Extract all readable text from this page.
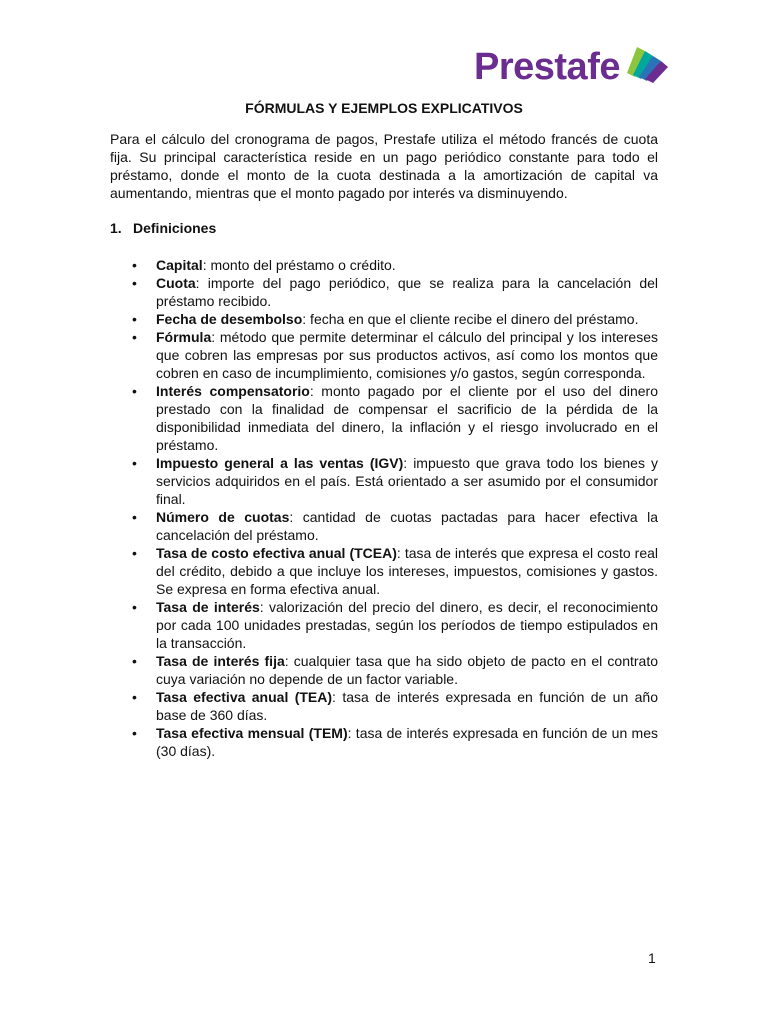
Prestafe
FÓRMULAS Y EJEMPLOS EXPLICATIVOS

Para el cálculo del cronograma de pagos, Prestafe utiliza el método francés de cuota fija. Su principal característica reside en un pago periódico constante para todo el préstamo, donde el monto de la cuota destinada a la amortización de capital va aumentando, mientras que el monto pagado por interés va disminuyendo.

1. Definiciones
• Capital: monto del préstamo o crédito.
• Cuota: importe del pago periódico, que se realiza para la cancelación del préstamo recibido.
• Fecha de desembolso: fecha en que el cliente recibe el dinero del préstamo.
• Fórmula: método que permite determinar el cálculo del principal y los intereses que cobren las empresas por sus productos activos, así como los montos que cobren en caso de incumplimiento, comisiones y/o gastos, según corresponda.
• Interés compensatorio: monto pagado por el cliente por el uso del dinero prestado con la finalidad de compensar el sacrificio de la pérdida de la disponibilidad inmediata del dinero, la inflación y el riesgo involucrado en el préstamo.
• Impuesto general a las ventas (IGV): impuesto que grava todo los bienes y servicios adquiridos en el país. Está orientado a ser asumido por el consumidor final.
• Número de cuotas: cantidad de cuotas pactadas para hacer efectiva la cancelación del préstamo.
• Tasa de costo efectiva anual (TCEA): tasa de interés que expresa el costo real del crédito, debido a que incluye los intereses, impuestos, comisiones y gastos. Se expresa en forma efectiva anual.
• Tasa de interés: valorización del precio del dinero, es decir, el reconocimiento por cada 100 unidades prestadas, según los períodos de tiempo estipulados en la transacción.
• Tasa de interés fija: cualquier tasa que ha sido objeto de pacto en el contrato cuya variación no depende de un factor variable.
• Tasa efectiva anual (TEA): tasa de interés expresada en función de un año base de 360 días.
• Tasa efectiva mensual (TEM): tasa de interés expresada en función de un mes (30 días).
1
